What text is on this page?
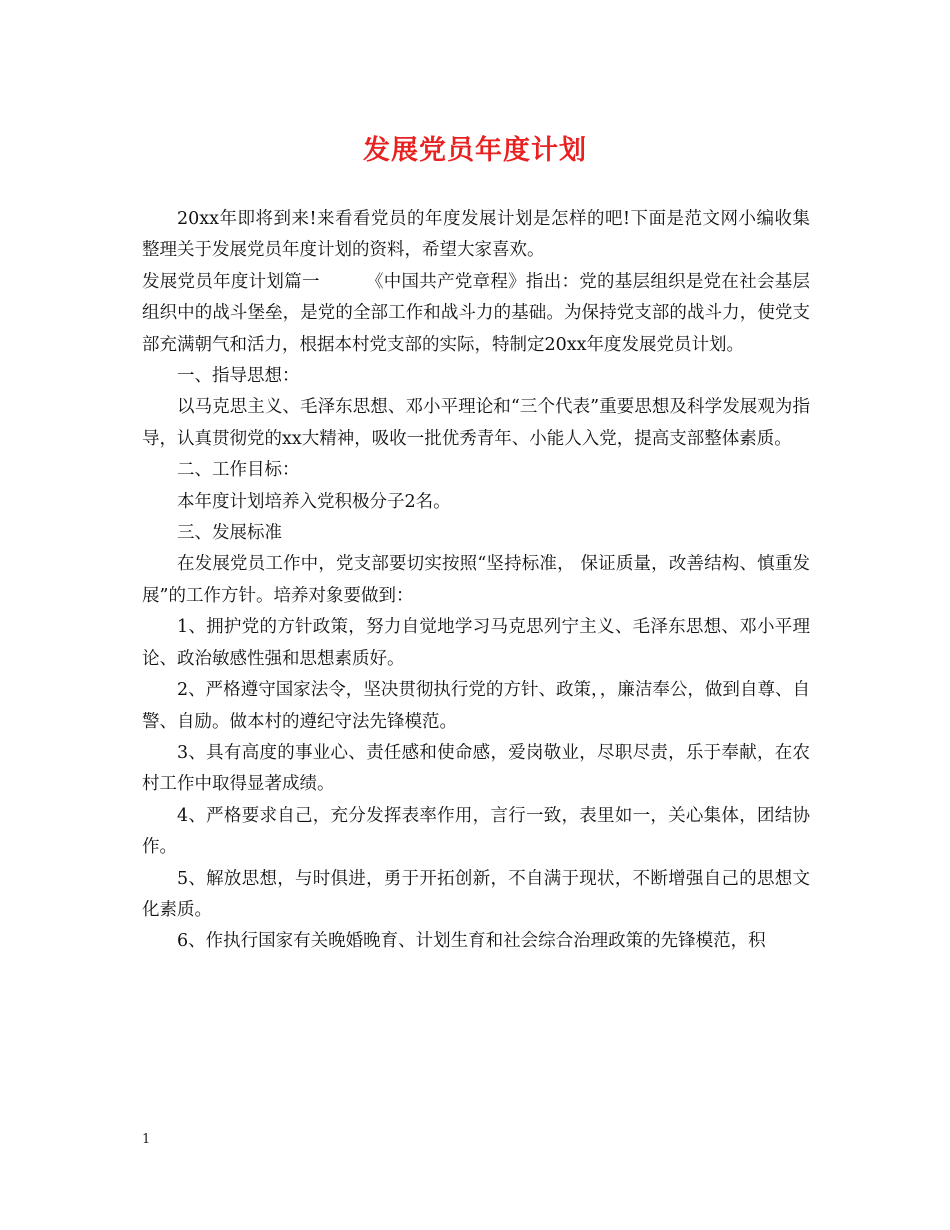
发展党员年度计划

20xx年即将到来!来看看党员的年度发展计划是怎样的吧!下面是范文网小编收集整理关于发展党员年度计划的资料，希望大家喜欢。

发展党员年度计划篇一	《中国共产党章程》指出：党的基层组织是党在社会基层组织中的战斗堡垒，是党的全部工作和战斗力的基础。为保持党支部的战斗力，使党支部充满朝气和活力，根据本村党支部的实际，特制定20xx年度发展党员计划。

一、指导思想：

以马克思主义、毛泽东思想、邓小平理论和“三个代表”重要思想及科学发展观为指导，认真贯彻党的xx大精神，吸收一批优秀青年、小能人入党，提高支部整体素质。

二、工作目标：

本年度计划培养入党积极分子2名。

三、发展标准

在发展党员工作中，党支部要切实按照“坚持标准， 保证质量，改善结构、慎重发展”的工作方针。培养对象要做到：

1、拥护党的方针政策，努力自觉地学习马克思列宁主义、毛泽东思想、邓小平理论、政治敏感性强和思想素质好。

2、严格遵守国家法令，坚决贯彻执行党的方针、政策，，廉洁奉公，做到自尊、自警、自励。做本村的遵纪守法先锋模范。

3、具有高度的事业心、责任感和使命感，爱岗敬业，尽职尽责，乐于奉献，在农村工作中取得显著成绩。

4、严格要求自己，充分发挥表率作用，言行一致，表里如一，关心集体，团结协作。

5、解放思想，与时俱进，勇于开拓创新，不自满于现状，不断增强自己的思想文化素质。

6、作执行国家有关晚婚晚育、计划生育和社会综合治理政策的先锋模范，积

1
